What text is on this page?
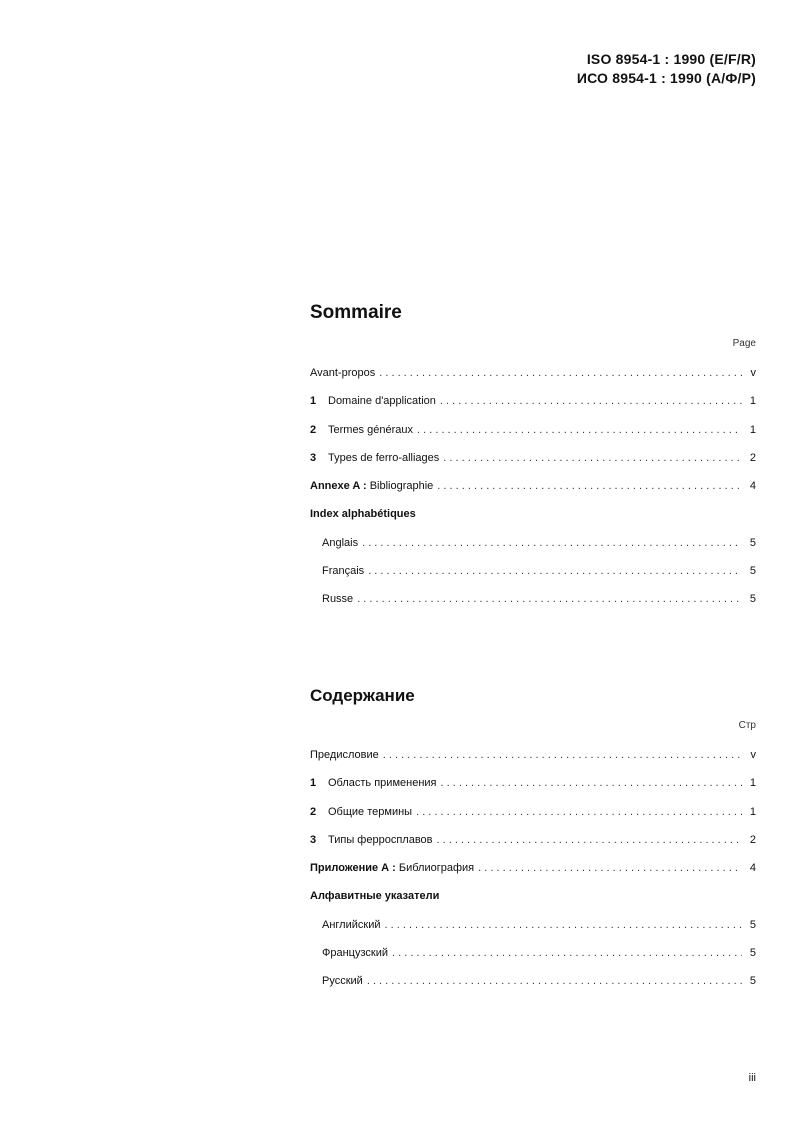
ISO 8954-1 : 1990 (E/F/R)
ИСО 8954-1 : 1990 (А/Ф/Р)
Sommaire
Page
Avant-propos . . .	v
1	Domaine d'application . . .	1
2	Termes généraux . . .	1
3	Types de ferro-alliages . . .	2
Annexe A : Bibliographie . . .	4
Index alphabétiques
Anglais . . .	5
Français . . .	5
Russe . . .	5
Содержание
Стр
Предисловие . . .	v
1	Область применения . . .	1
2	Общие термины . . .	1
3	Типы ферросплавов . . .	2
Приложение А : Библиография . . .	4
Алфавитные указатели
Английский . . .	5
Французский . . .	5
Русский . . .	5
iii
